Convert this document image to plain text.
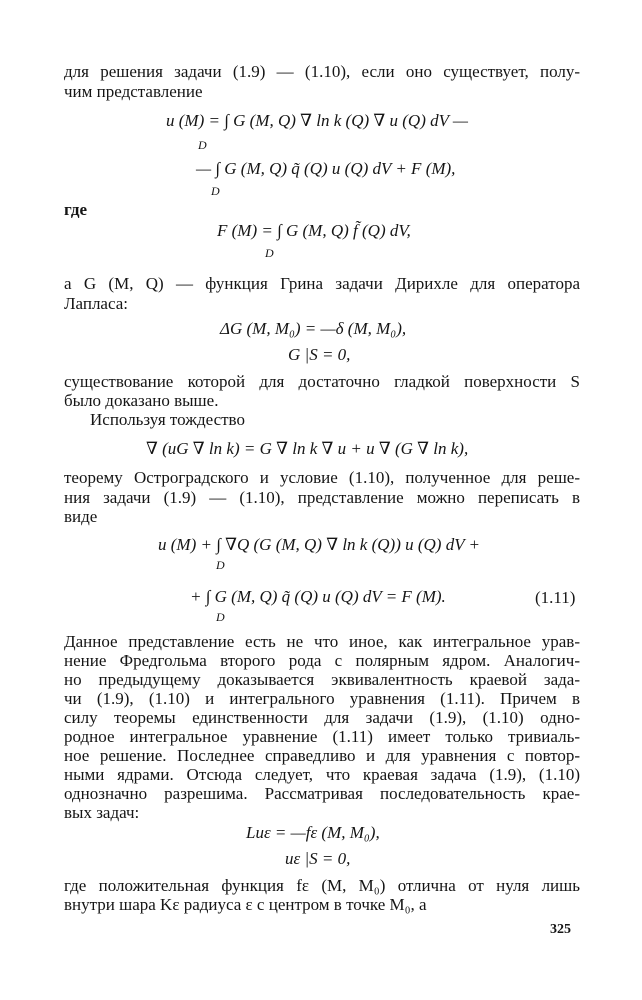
для решения задачи (1.9) — (1.10), если оно существует, полу-
чим представление
u (M) = ∫ G (M, Q) ∇ ln k (Q) ∇ u (Q) dV —
D
— ∫ G (M, Q) q̃ (Q) u (Q) dV + F (M),
D
где
F (M) = ∫ G (M, Q) f̃ (Q) dV,
D
а G (M, Q) — функция Грина задачи Дирихле для оператора
Лапласа:
ΔG (M, M₀) = —δ (M, M₀),
G |S = 0,
существование которой для достаточно гладкой поверхности S
было доказано выше.
Используя тождество
∇ (uG ∇ ln k) = G ∇ ln k ∇ u + u ∇ (G ∇ ln k),
теорему Остроградского и условие (1.10), полученное для реше-
ния задачи (1.9) — (1.10), представление можно переписать в
виде
u (M) + ∫ ∇Q (G (M, Q) ∇ ln k (Q)) u (Q) dV +
D
+ ∫ G (M, Q) q̃ (Q) u (Q) dV = F (M).
D
(1.11)
Данное представление есть не что иное, как интегральное урав-
нение Фредгольма второго рода с полярным ядром. Аналогич-
но предыдущему доказывается эквивалентность краевой зада-
чи (1.9), (1.10) и интегрального уравнения (1.11). Причем в
силу теоремы единственности для задачи (1.9), (1.10) одно-
родное интегральное уравнение (1.11) имеет только тривиаль-
ное решение. Последнее справедливо и для уравнения с повтор-
ными ядрами. Отсюда следует, что краевая задача (1.9), (1.10)
однозначно разрешима. Рассматривая последовательность крае-
вых задач:
Luε = —fε (M, M₀),
uε |S = 0,
где положительная функция fε (M, M₀) отлична от нуля лишь
внутри шара Kε радиуса ε с центром в точке M₀, а
325
